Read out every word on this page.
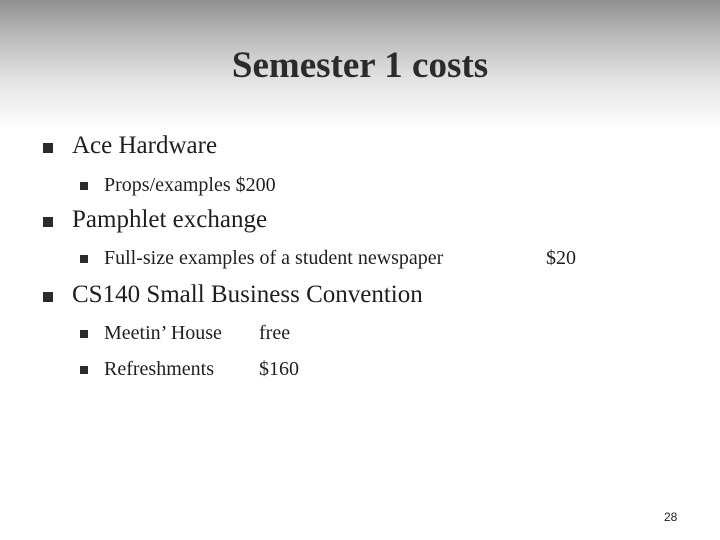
Semester 1 costs
Ace Hardware
Props/examples $200
Pamphlet exchange
Full-size examples of a student newspaper	$20
CS140 Small Business Convention
Meetin’ House free
Refreshments $160
28
